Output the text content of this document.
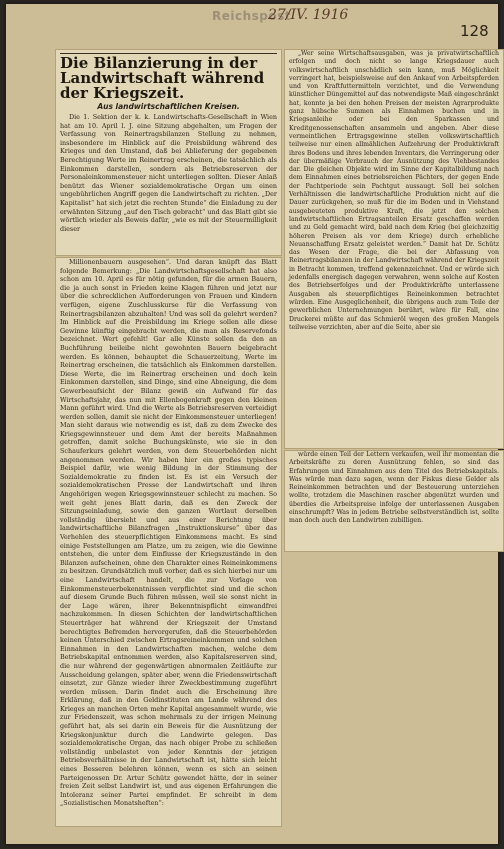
Reichspost
27/IV. 1916
128
Die Bilanzierung in der Landwirtschaft während der Kriegszeit.
Aus landwirtschaftlichen Kreisen.
Die 1. Sektion der k. k. Landwirtschafts-Gesellschaft in Wien hat am 10. April l. J. eine Sitzung abgehalten, um Fragen der Verfassung von Reinertragsbilanzen Stellung zu nehmen, insbesondere im Hinblick auf die Preisbildung während des Krieges und den Umstand, daß bei Ablieferung der gegebenen Berechtigung Werte im Reinertrag erscheinen, die tatsächlich als Einkommen darstellen, sondern als Betriebsreserven der Personaleinkommensteuer nicht unterliegen sollten. Dieser Anlaß benützt das Wiener sozialdemokratische Organ um einen ungebührlichen Angriff gegen die Landwirtschaft zu richten. „Der Kapitalist“ hat sich jetzt die rechten Stunde“ die Einladung zu der erwähnten Sitzung „auf den Tisch gebracht“ und das Blatt gibt sie wörtlich wieder als Beweis dafür, „wie es mit der Steuermilligkeit dieser
Millionenbauern ausgesehen“. Und daran knüpft das Blatt folgende Bemerkung: „Die Landwirtschaftsgesellschaft hat also schon am 10. April es für nötig gefunden, für die armen Bauern, die ja auch sonst in Frieden keine Klagen führen und jetzt nur über die schrecklichen Aufforderungen von Frauen und Kindern verfügen, eigene Zuschlusskurse für die Verfassung von Reinertragsbilanzen abzuhalten! Und was soll da gelehrt werden? Im Hinblick auf die Preisbildung im Kriege sollen alle diese Gewinne künftig eingebracht werden, die man als Reservefonds bezeichnet. Wert gefehlt! Gar alle Künste sollen da den an Buchführung beileibe nicht gewohnten Bauern beigebracht werden. Es können, behauptet die Schauerzeitung, Werte im Reinertrag erscheinen, die tatsächlich als Einkommen darstellen. Diese Werte, die im Reinertrag erscheinen und doch kein Einkommen darstellen, sind Dinge, sind eine Abneigung, die dem Gewerbeaufsicht der Bilanz gewiß ein Aufwand für das Wirtschaftsjahr, das nun mit Ellenbogenkraft gegen den kleinen Mann geführt wird. Und die Werte als Betriebsreserven verteidigt werden sollen, damit sie nicht der Einkommensteuer unterliegen! Man sieht daraus wie notwendig es ist, daß zu dem Zwecke des Kriegsgewinnsteuer und dem Amt der bereits Maßnahmen getroffen, damit solche Buchungskünste, wie sie in den Schauferkurs gelehrt werden, von dem Steuerbehörden nicht angenommen werden. Wir haben hier ein großes typisches Beispiel dafür, wie wenig Bildung in der Stimmung der Sozialdemokratie zu finden ist. Es ist ein Versuch der sozialdemokratischen Presse der Landwirtschaft und ihren Angehörigen wegen Kriegsgewinnsteuer schlecht zu machen. So weit geht jenes Blatt darin, daß es den Zweck der Sitzungseinladung, sowie den ganzen Wortlaut derselben vollständig übersieht und aus einer Berichtung über landwirtschaftliche Bilanzfragen „Instruktionskurse“ über das Verhehlen des steuerpflichtigen Einkommens macht. Es sind einige Feststellungen am Platze, um zu zeigen, wie die Gewinne entstehen, die unter dem Einflusse der Kriegszustände in den Bilanzen aufscheinen, ohne den Charakter eines Reineinkommens zu besitzen. Grundsätzlich muß vorher, daß es sich hierbei nur um eine Landwirtschaft handelt, die zur Vorlage von Einkommensteuerbekenntnissen verpflichtet sind und die schon auf diesem Grunde Buch führen müssen, weil sie sonst nicht in der Lage wären, ihrer Bekenntnispflicht einwandfrei nachzukommen. In diesen Schichten der landwirtschaftlichen Steuerträger hat während der Kriegszeit der Umstand berechtigtes Befremden hervorgerufen, daß die Steuerbehörden keinen Unterschied zwischen Ertragsreineinkommen und solchen Einnahmen in den Landwirtschaften machen, welche dem Betriebskapital entnommen werden, also Kapitalsreserven sind, die nur während der gegenwärtigen abnormalen Zeitläufte zur Ausscheidung gelangen, später aber, wenn die Friedenswirtschaft einsetzt, zur Gänze wieder ihrer Zweckbestimmung zugeführt werden müssen. Darin findet auch die Erscheinung ihre Erklärung, daß in den Geldinstituten am Lande während des Krieges an manchen Orten mehr Kapital angesammelt wurde, wie zur Friedenszeit, was schon mehrmals zu der irrigen Meinung geführt hat, als sei darin ein Beweis für die Ausnützung der Kriegskonjunktur durch die Landwirte gelegen. Das sozialdemokratische Organ, das nach obiger Probe zu schließen vollständig unbelastet von jeder Kenntnis der jetzigen Betriebsverhältnisse in der Landwirtschaft ist, hätte sich leicht eines Besseren belehren können, wenn es sich an seinen Parteigenossen Dr. Artur Schütz gewendet hätte, der in seiner freien Zeit selbst Landwirt ist, und aus eigenen Erfahrungen die Intoleranz seiner Partei empfindet. Er schreibt in dem „Sozialistischen Monatsheften“:
„Wer seine Wirtschaftsausgaben, was ja privatwirtschaftlich erfolgen und doch nicht so lange Kriegsdauer auch volkswirtschaftlich unschädlich sein kann, muß Möglichkeit verringert hat, beispielsweise auf den Ankauf von Arbeitspferden und von Kraftfuttermitteln verzichtet, und die Verwendung künstlicher Düngemittel auf das notwendigste Maß eingeschränkt hat, konnte ja bei den hohen Preisen der meisten Agrarprodukte ganz hübsche Summen als Einnahmen buchen und in Kriegsanleihe oder bei den Sparkassen und Kreditgenossenschaften ansammeln und angeben. Aber diese vermeintlichen Ertragsgewinne stellen volkswirtschaftlich teilweise nur einen allmählichen Aufzehrung der Produktivkraft ihres Bodens und ihres lebenden Inventars, die Verringerung oder der übermäßige Verbrauch der Ausnützung des Viehbestandes dar. Die gleichen Objekte wird im Sinne der Kapitalbildung nach dem Einnahmen eines betriebsreichen Pächters, der gegen Ende der Pachtperiode sein Pachtgut aussaugt. Soll bei solchen Verhältnissen die landwirtschaftliche Produktion nicht auf die Dauer zurückgehen, so muß für die im Boden und in Viehstand ausgebeuteten produktive Kraft, die jetzt den solchen landwirtschaftlichen Ertragsanteilen Ersatz geschaffen werden und zu Geld gemacht wird, bald nach dem Krieg (bei gleichzeitig höheren Preisen als vor dem Kriege) durch erhebliche Neuanschaffung Ersatz geleistet werden.“ Damit hat Dr. Schütz das Wesen der Frage, die bei der Abfassung von Reinertragsbilanzen in der Landwirtschaft während der Kriegszeit in Betracht kommen, treffend gekennzeichnet. Und er würde sich jedenfalls energisch dagegen verwahren, wenn solche auf Kosten des Betriebserfolges und der Produktivkräfte unterlassene Ausgaben als steuerpflichtiges Reineinkommen betrachtet würden. Eine Ausgeglichenheit, die übrigens auch zum Teile der gewerblichen Unternehmungen berührt, wäre für Fall, eine Druckerei müßte auf das Schmieröl wegen des großen Mangels teilweise verzichten, aber auf die Seite, aber sie
würde einen Teil der Lettern verkaufen, weil ihr momentan die Arbeitskräfte zu deren Ausnützung fehlen, so sind das Erfahrungen und Einnahmen aus dem Titel des Betriebskapitals. Was würde man dazu sagen, wenn der Fiskus diese Gelder als Reineinkommen betrachten und der Besteuerung unterziehen wollte, trotzdem die Maschinen rascher abgenützt wurden und überdies die Arbeitspreise infolge der unterlassenen Ausgaben einschrumpft? Was in jedem Betriebe selbstverständlich ist, sollte man doch auch den Landwirten zubilligen.
